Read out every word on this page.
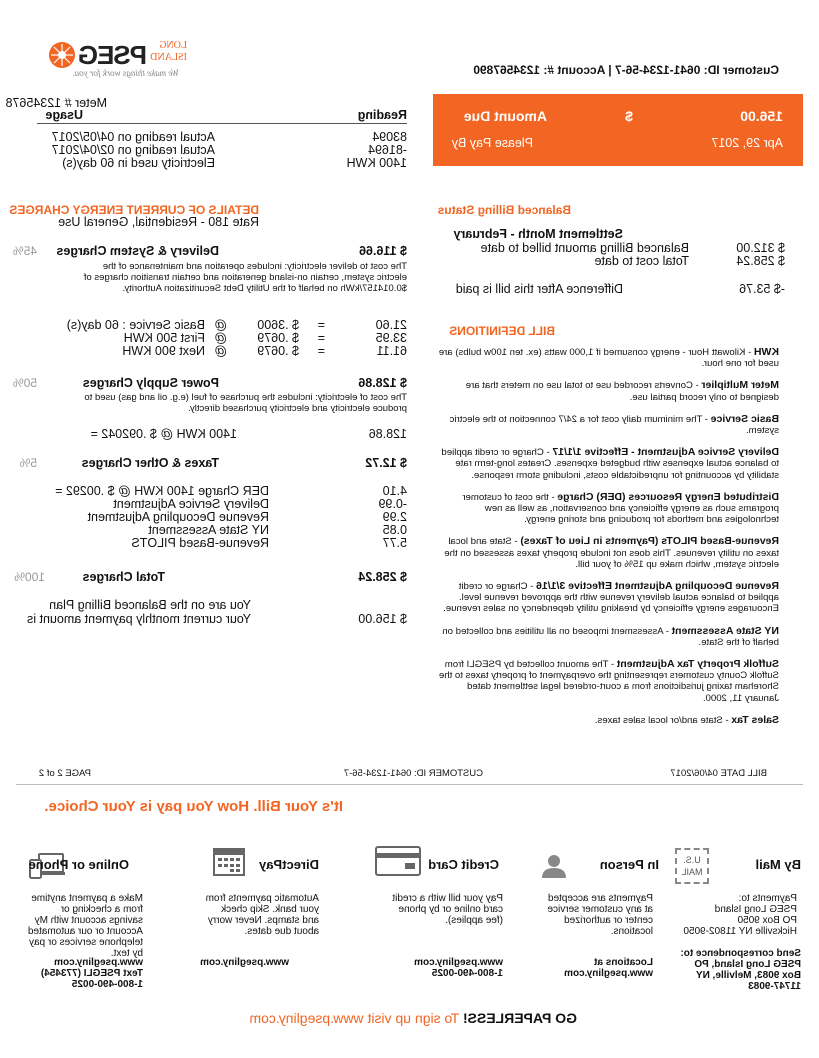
PSEG LONG
ISLAND
We make things work for you.	Customer ID: 0641-1234-56-7 | Account #: 1234567890
Meter # 12345678
Usage	Reading
Actual reading on 04/05/2017	83094
Actual reading on 02/04/2017	-81694
Electricity used in 60 day(s)	1400 KWH
Amount Due	$	156.00
Please Pay By	Apr 29, 2017
DETAILS OF CURRENT ENERGY CHARGES
Rate 180 - Residential, General Use
45% Delivery & System Charges	$ 116.66
The cost to deliver electricity: includes operation and maintenance of the electric system, certain on-island generation and certain transition charges of $0.014157/kWh on behalf of the Utility Debt Securitization Authority.
Basic Service : 60 day(s) @ $ .3600 =	21.60
First 500 KWH @ $ .0679 =	33.95
Next 900 KWH @ $ .0679 =	61.11
50%	Power Supply Charges	$ 128.86
The cost of electricity: includes the purchase of fuel (e.g. oil and gas) used to produce electricity and electricity purchased directly.
1400 KWH @ $ .092042 =	128.86
5%	Taxes & Other Charges	$ 12.72
DER Charge 1400 KWH @ $ .00292 =	4.10
Delivery Service Adjustment	-0.99
Revenue Decoupling Adjustment	2.99
NY State Assessment	0.85
Revenue-Based PILOTS	5.77
100%	Total Charges	$ 258.24
You are on the Balanced Billing Plan
Your current monthly payment amount is	$ 156.00
Balanced Billing Status
Settlement Month - February
Balanced Billing amount billed to date	$ 312.00
Total cost to date	$ 258.24
Difference After this bill is paid	-$ 53.76
BILL DEFINITIONS

KWH - Kilowatt Hour - energy consumed if 1,000 watts (ex. ten 100w bulbs) are used for one hour.

Meter Multiplier - Converts recorded use to total use on meters that are designed to only record partial use.

Basic Service - The minimum daily cost for a 24/7 connection to the electric system.

Delivery Service Adjustment - Effective 1/1/17 - Charge or credit applied to balance actual expenses with budgeted expenses. Creates long-term rate stability by accounting for unpredictable costs, including storm response.

Distributed Energy Resources (DER) Charge - the cost of customer programs such as energy efficiency and conservation, as well as new technologies and methods for producing and storing energy.

Revenue-Based PILOTs (Payments in Lieu of Taxes) - State and local taxes on utility revenues. This does not include property taxes assessed on the electric system, which make up 15% of your bill.

Revenue Decoupling Adjustment Effective 3/1/16 - Charge or credit applied to balance actual delivery revenue with the approved revenue level. Encourages energy efficiency by breaking utility dependency on sales revenue.

NY State Assessment - Assessment imposed on all utilities and collected on behalf of the State.

Suffolk Property Tax Adjustment - The amount collected by PSEGLI from Suffolk County customers representing the overpayment of property taxes to the Shoreham taxing jurisdictions from a court-ordered legal settlement dated January 11, 2000.

Sales Tax - State and/or local sales taxes.

PAGE 2 of 2	CUSTOMER ID: 0641-1234-56-7	BILL DATE 04/06/2017
It's Your Bill. How You pay is Your Choice.
U.S.
MAIL
Online or Phone
Make a payment anytime from a checking or savings account with My Account or our automated telephone services or pay by text.
www.psegliny.com
Text PSEGLI (773454)
1-800-490-0025
DirectPay
Automatic payments from your bank. Skip check and stamps. Never worry about due dates.
www.psegliny.com
Credit Card
Pay your bill with a credit card online or by phone (fee applies).
www.psegliny.com
1-800-490-0025
In Person
Payments are accepted at any customer service center or authorized locations.
Locations at
www.psegliny.com
By Mail
Payments to:
PSEG Long Island
PO Box 9050
Hicksville NY 11802-9050
Send correspondence to:
PSEG Long Island, PO
Box 9083, Melville, NY
11747-9083
GO PAPERLESS! To sign up visit www.psegliny.com
